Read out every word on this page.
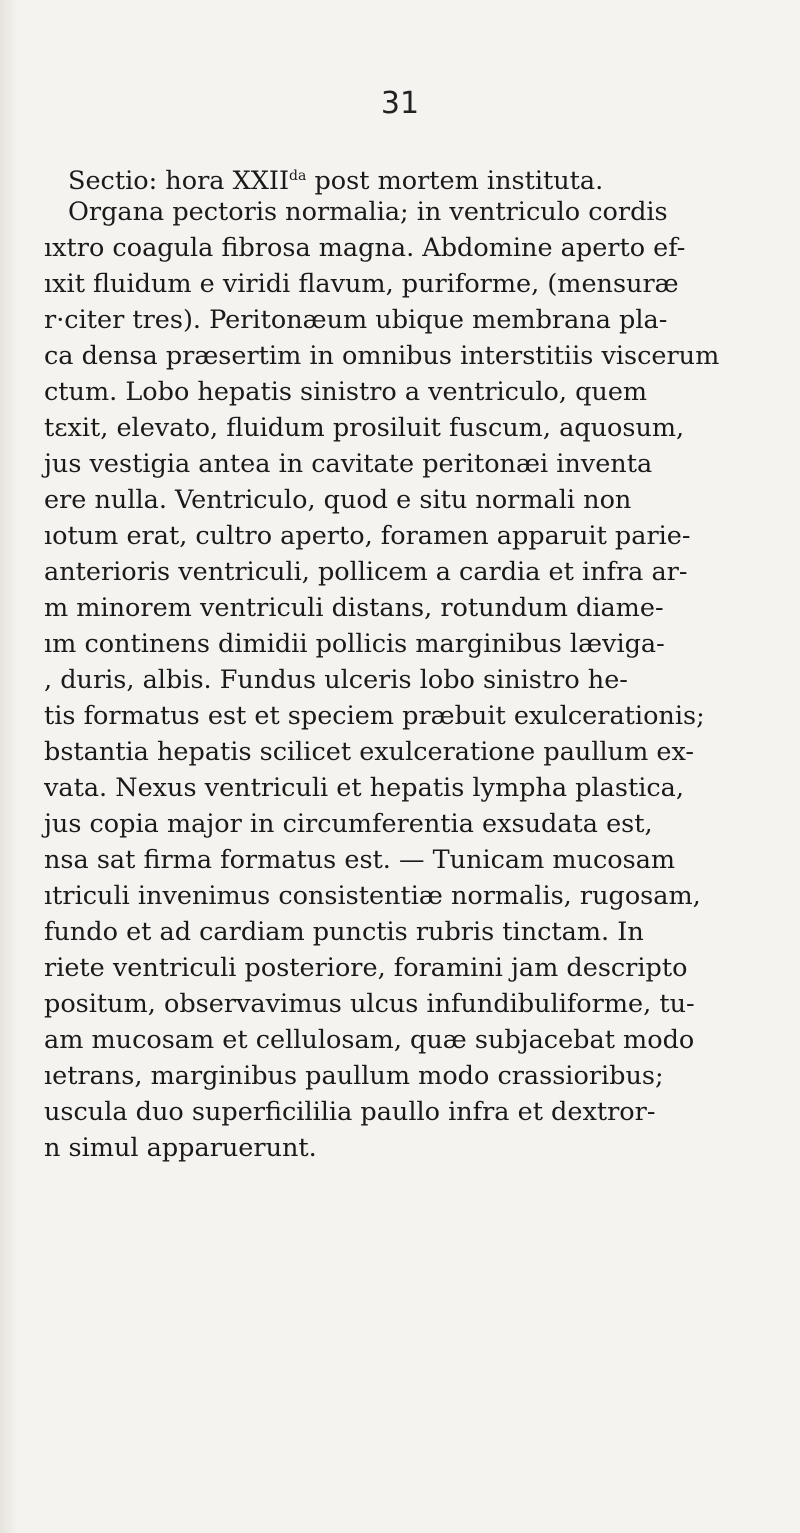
31
Sectio: hora $XXII^{da}$ post mortem instituta.
Organa pectoris normalia; in ventriculo cordis
ıxtro coagula fibrosa magna. Abdomine aperto ef-
ıxit fluidum e viridi flavum, puriforme, (mensuræ
r·citer tres). Peritonæum ubique membrana pla-
ca densa præsertim in omnibus interstitiis viscerum
ctum. Lobo hepatis sinistro a ventriculo, quem
tεxit, elevato, fluidum prosiluit fuscum, aquosum,
jus vestigia antea in cavitate peritonæi inventa
ere nulla. Ventriculo, quod e situ normali non
ıotum erat, cultro aperto, foramen apparuit parie-
anterioris ventriculi, pollicem a cardia et infra ar-
m minorem ventriculi distans, rotundum diame-
ım continens dimidii pollicis marginibus læviga-
, duris, albis. Fundus ulceris lobo sinistro he-
tis formatus est et speciem præbuit exulcerationis;
bstantia hepatis scilicet exulceratione paullum ex-
vata. Nexus ventriculi et hepatis lympha plastica,
jus copia major in circumferentia exsudata est,
nsa sat firma formatus est. — Tunicam mucosam
ıtriculi invenimus consistentiæ normalis, rugosam,
fundo et ad cardiam punctis rubris tinctam. In
riete ventriculi posteriore, foramini jam descripto
positum, observavimus ulcus infundibuliforme, tu-
am mucosam et cellulosam, quæ subjacebat modo
ıetrans, marginibus paullum modo crassioribus;
uscula duo superficililia paullo infra et dextror-
n simul apparuerunt.
